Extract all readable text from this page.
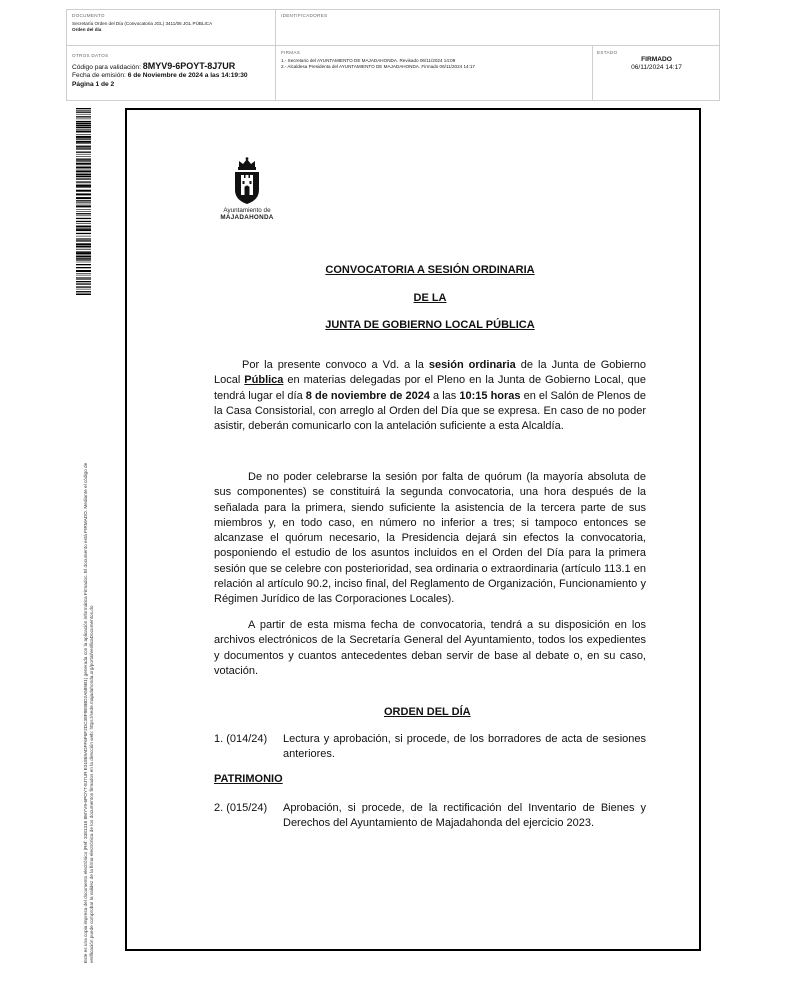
DOCUMENTO
Secretaría Orden del Día (Convocatoria JGL) 3411/06 JGL PÚBLICA
Orden del día
IDENTIFICADORES
OTROS DATOS
Código para validación: 8MYV9-6POYT-8J7UR
Fecha de emisión: 6 de Noviembre de 2024 a las 14:19:30
Página 1 de 2
FIRMAS
1.- Secretario del AYUNTAMIENTO DE MAJADAHONDA. Revisado 06/11/2024 14:09
2.- Alcaldesa Presidenta del AYUNTAMIENTO DE MAJADAHONDA. Firmado 06/11/2024 14:17
ESTADO
FIRMADO
06/11/2024 14:17
Este es una copia impresa del documento electrónico (Ref: 3381315 8MYV9-6POYT-8J7UR E31869ADFF6F6F2DC38F8E8BD2A585B1) generada con la aplicación informática Firmadoc. El documento está FIRMADO. Mediante el código de verificación puede comprobar la validez de la firma electrónica de los documentos firmados en la dirección web: https://sede.majadahonda.org/portal/verificaDocumentos.do
Ayuntamiento de
MAJADAHONDA
CONVOCATORIA A SESIÓN ORDINARIA
DE LA
JUNTA DE GOBIERNO LOCAL PÚBLICA

Por la presente convoco a Vd. a la sesión ordinaria de la Junta de Gobierno Local Pública en materias delegadas por el Pleno en la Junta de Gobierno Local, que tendrá lugar el día 8 de noviembre de 2024 a las 10:15 horas en el Salón de Plenos de la Casa Consistorial, con arreglo al Orden del Día que se expresa. En caso de no poder asistir, deberán comunicarlo con la antelación suficiente a esta Alcaldía.

De no poder celebrarse la sesión por falta de quórum (la mayoría absoluta de sus componentes) se constituirá la segunda convocatoria, una hora después de la señalada para la primera, siendo suficiente la asistencia de la tercera parte de sus miembros y, en todo caso, en número no inferior a tres; si tampoco entonces se alcanzase el quórum necesario, la Presidencia dejará sin efectos la convocatoria, posponiendo el estudio de los asuntos incluidos en el Orden del Día para la primera sesión que se celebre con posterioridad, sea ordinaria o extraordinaria (artículo 113.1 en relación al artículo 90.2, inciso final, del Reglamento de Organización, Funcionamiento y Régimen Jurídico de las Corporaciones Locales).

A partir de esta misma fecha de convocatoria, tendrá a su disposición en los archivos electrónicos de la Secretaría General del Ayuntamiento, todos los expedientes y documentos y cuantos antecedentes deban servir de base al debate o, en su caso, votación.

ORDEN DEL DÍA
1. (014/24) Lectura y aprobación, si procede, de los borradores de acta de sesiones anteriores.
PATRIMONIO
2. (015/24) Aprobación, si procede, de la rectificación del Inventario de Bienes y Derechos del Ayuntamiento de Majadahonda del ejercicio 2023.
